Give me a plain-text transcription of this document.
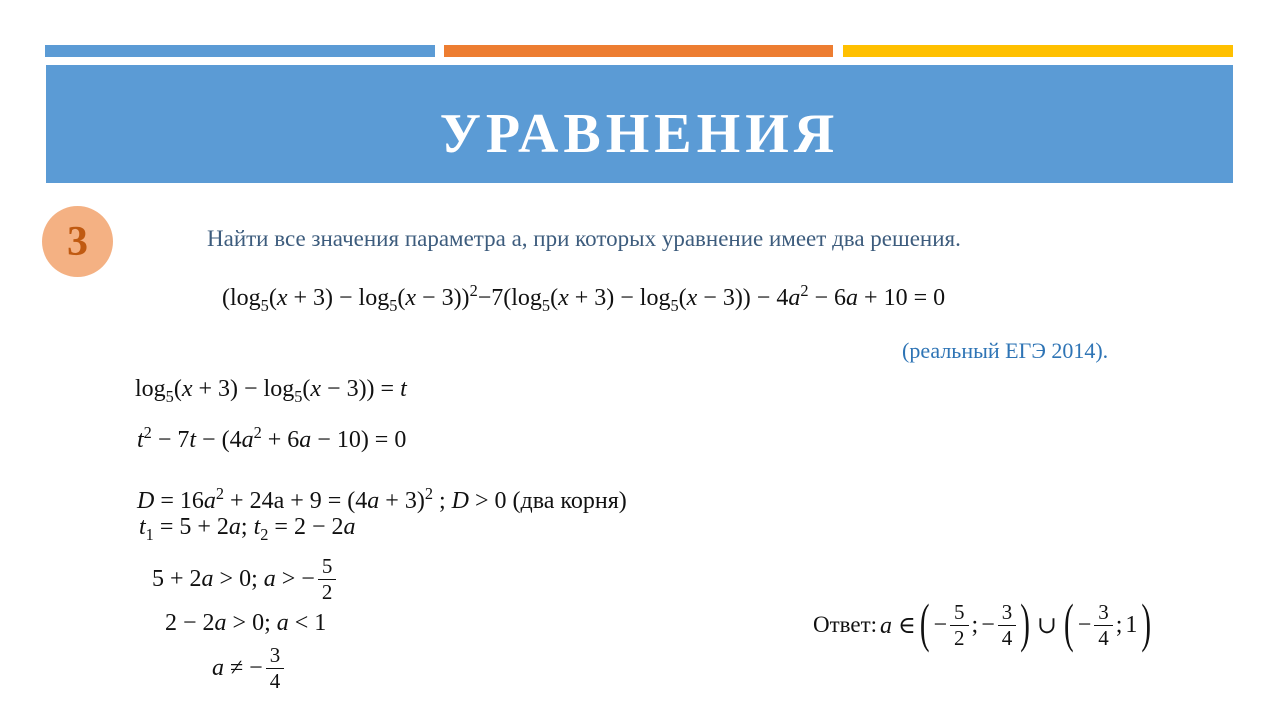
УРАВНЕНИЯ
3	Найти все значения параметра а, при которых уравнение имеет два решения.

$(\log_5(x + 3) - \log_5(x - 3))^2-7(\log_5(x + 3) - \log_5(x - 3)) - 4a^2 - 6a + 10 = 0$
(реальный ЕГЭ 2014).
$\log_5(x + 3) - \log_5(x - 3)) = t$
$t^2 - 7t - (4a^2 + 6a - 10) = 0$
$D = 16a^2 + 24а + 9 = (4a + 3)^2$ ; D > 0 (два корня)
$t_1 = 5 + 2a$; $t_2 = 2 - 2a$
5 + 2a > 0; a > − $\frac{5}{2}$
2 − 2a > 0; a < 1
a ≠ − $\frac{3}{4}$
Ответ: a ∈ ( − $\frac{5}{2}$ ; − $\frac{3}{4}$ ) ∪ ( − $\frac{3}{4}$ ; 1 )
